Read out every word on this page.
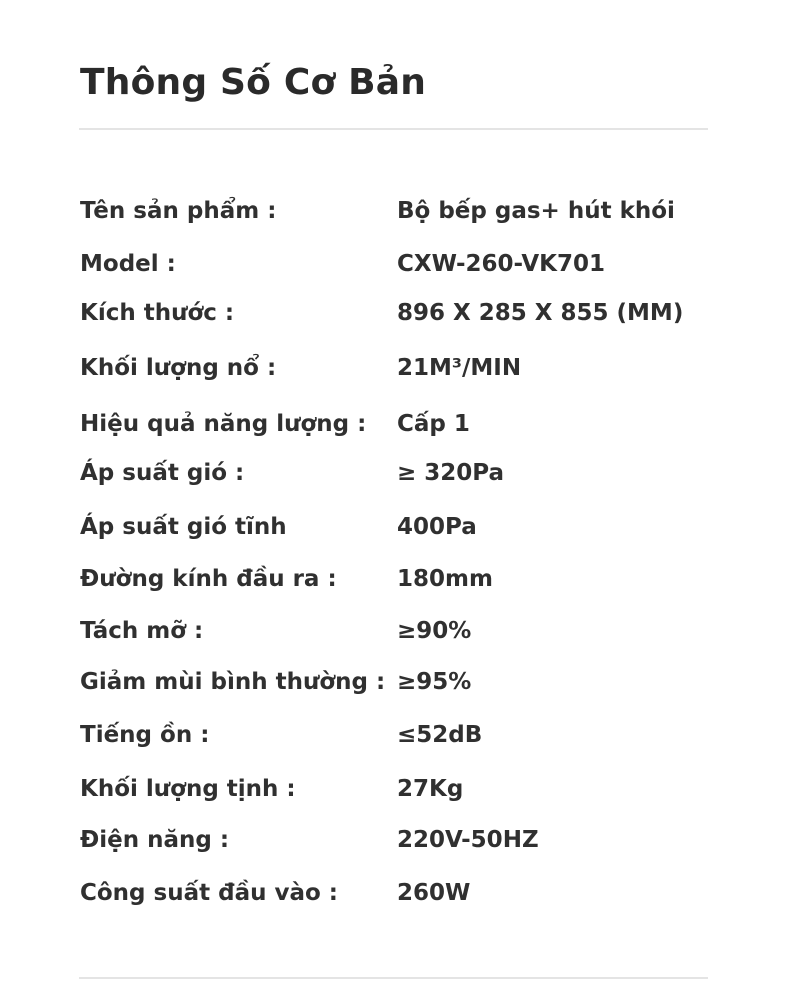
Thông Số Cơ Bản
Tên sản phẩm :	Bộ bếp gas+ hút khói
Model :	CXW-260-VK701
Kích thước :	896 X 285 X 855 (MM)
Khối lượng nổ :	21M³/MIN
Hiệu quả năng lượng : Cấp 1
Áp suất gió :	≥ 320Pa
Áp suất gió tĩnh	400Pa
Đường kính đầu ra :	180mm
Tách mỡ :	≥90%
Giảm mùi bình thường : ≥95%
Tiếng ồn :	≤52dB
Khối lượng tịnh :	27Kg
Điện năng :	220V-50HZ
Công suất đầu vào :	260W
